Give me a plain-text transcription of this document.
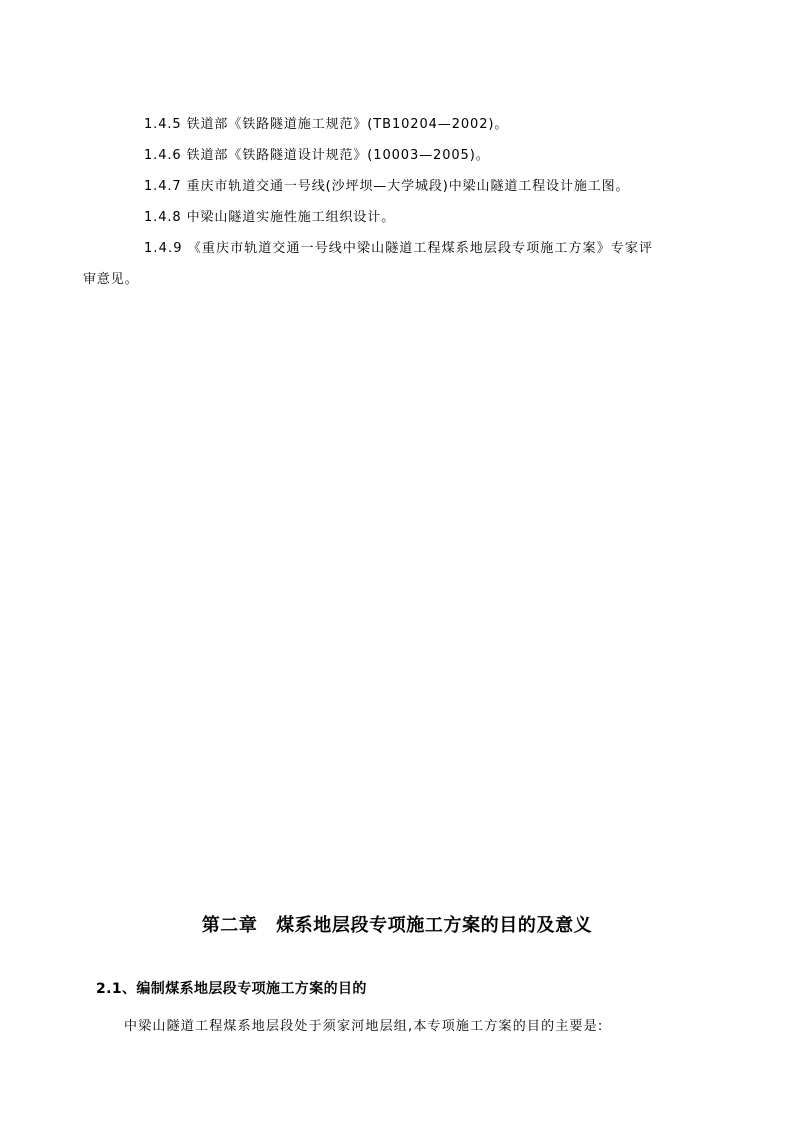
1.4.5 铁道部《铁路隧道施工规范》(TB10204—2002)。
1.4.6 铁道部《铁路隧道设计规范》(10003—2005)。
1.4.7 重庆市轨道交通一号线(沙坪坝—大学城段)中梁山隧道工程设计施工图。
1.4.8 中梁山隧道实施性施工组织设计。
1.4.9 《重庆市轨道交通一号线中梁山隧道工程煤系地层段专项施工方案》专家评
审意见。
第二章　煤系地层段专项施工方案的目的及意义
2.1、编制煤系地层段专项施工方案的目的
中梁山隧道工程煤系地层段处于须家河地层组,本专项施工方案的目的主要是:
